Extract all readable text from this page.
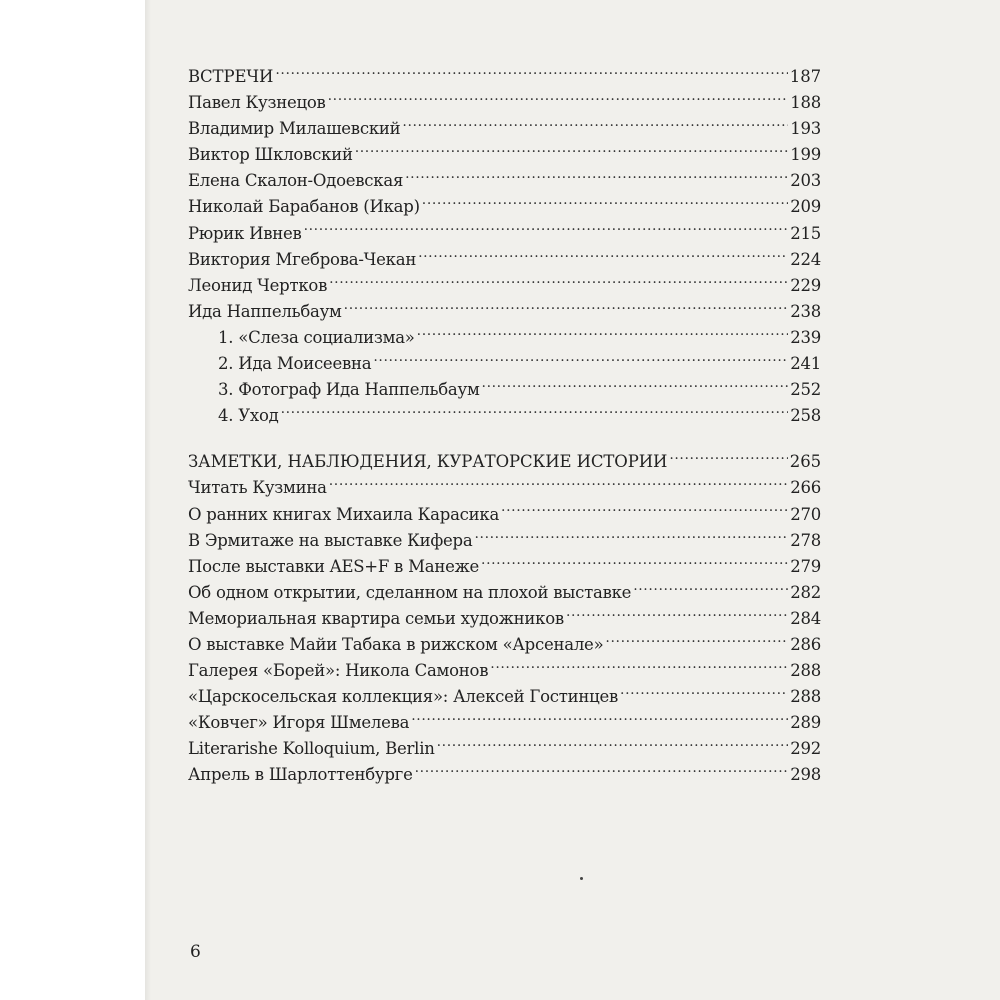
ВСТРЕЧИ .....	187
Павел Кузнецов .....	188
Владимир Милашевский .....	193
Виктор Шкловский .....	199
Елена Скалон-Одоевская .....	203
Николай Барабанов (Икар) .....	209
Рюрик Ивнев .....	215
Виктория Мгеброва-Чекан .....	224
Леонид Чертков .....	229
Ида Наппельбаум .....	238
1. «Слеза социализма» .....	239
2. Ида Моисеевна .....	241
3. Фотограф Ида Наппельбаум .....	252
4. Уход .....	258
ЗАМЕТКИ, НАБЛЮДЕНИЯ, КУРАТОРСКИЕ ИСТОРИИ .....	265
Читать Кузмина .....	266
О ранних книгах Михаила Карасика .....	270
В Эрмитаже на выставке Кифера .....	278
После выставки AES+F в Манеже .....	279
Об одном открытии, сделанном на плохой выставке .....	282
Мемориальная квартира семьи художников .....	284
О выставке Майи Табака в рижском «Арсенале» .....	286
Галерея «Борей»: Никола Самонов .....	288
«Царскосельская коллекция»: Алексей Гостинцев .....	288
«Ковчег» Игоря Шмелева .....	289
Literarishe Kolloquium, Berlin .....	292
Апрель в Шарлоттенбурге .....	298
6
